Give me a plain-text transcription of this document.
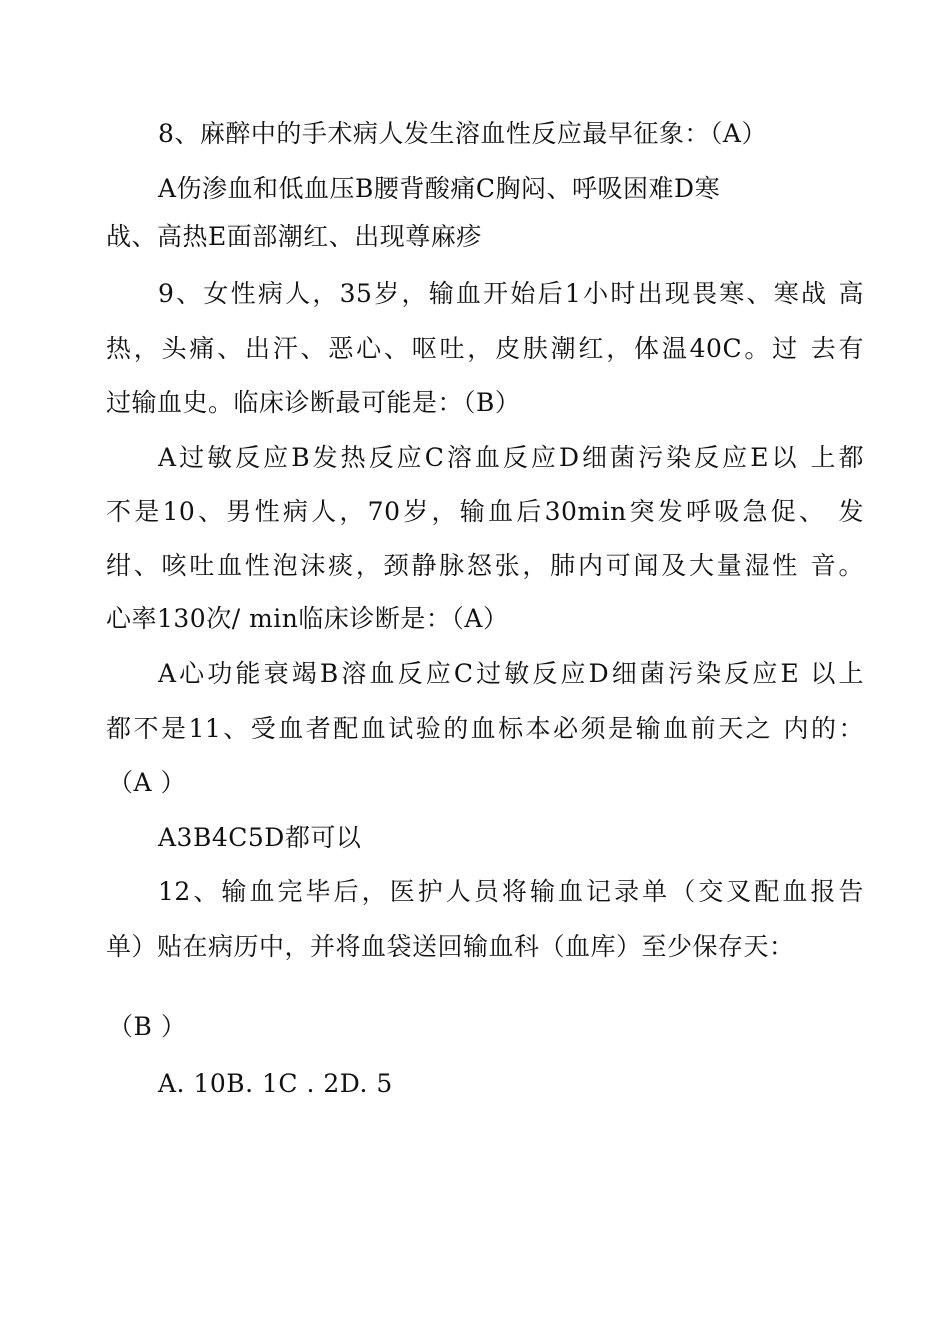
8、麻醉中的手术病人发生溶血性反应最早征象：（A）
A伤渗血和低血压B腰背酸痛C胸闷、呼吸困难D寒
战、高热E面部潮红、出现尊麻疹
9、女性病人，35岁，输血开始后1小时出现畏寒、寒战 高
热，头痛、出汗、恶心、呕吐，皮肤潮红，体温40C。过 去有
过输血史。临床诊断最可能是：（B）
A过敏反应B发热反应C溶血反应D细菌污染反应E以 上都
不是10、男性病人，70岁，输血后30min突发呼吸急促、 发
绀、咳吐血性泡沫痰，颈静脉怒张，肺内可闻及大量湿性 音。
心率130次/ min临床诊断是：（A）
A心功能衰竭B溶血反应C过敏反应D细菌污染反应E 以上
都不是11、受血者配血试验的血标本必须是输血前天之 内的：
（A ）
A3B4C5D都可以
12、输血完毕后，医护人员将输血记录单（交叉配血报告
单）贴在病历中，并将血袋送回输血科（血库）至少保存天：
（B ）
A. 10B. 1C . 2D. 5
